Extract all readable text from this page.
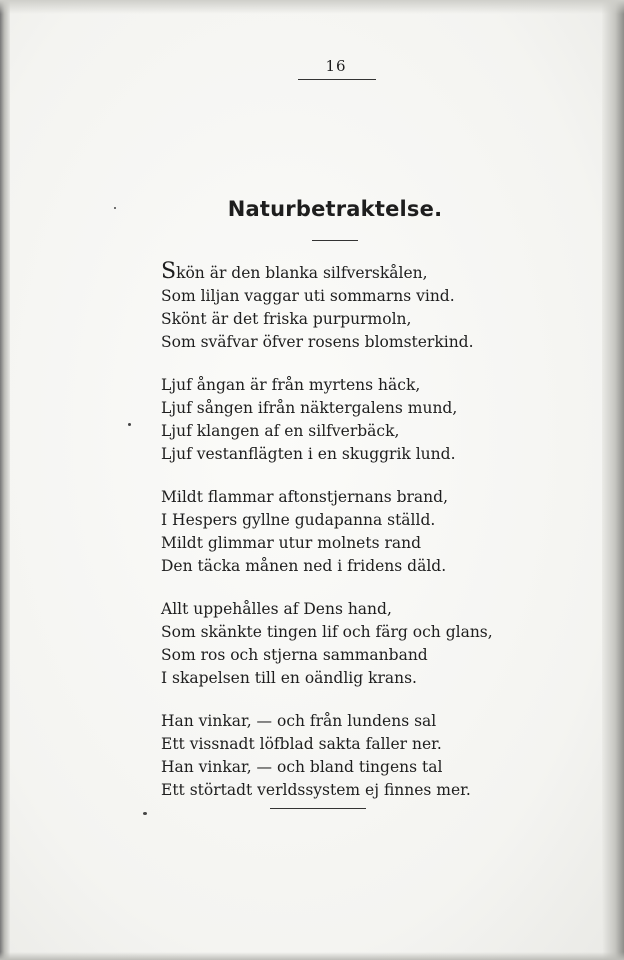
16
Naturbetraktelse.
Skön är den blanka silfverskålen,
Som liljan vaggar uti sommarns vind.
Skönt är det friska purpurmoln,
Som sväfvar öfver rosens blomsterkind.
Ljuf ångan är från myrtens häck,
Ljuf sången ifrån näktergalens mund,
Ljuf klangen af en silfverbäck,
Ljuf vestanflägten i en skuggrik lund.
Mildt flammar aftonstjernans brand,
I Hespers gyllne gudapanna ställd.
Mildt glimmar utur molnets rand
Den täcka månen ned i fridens däld.
Allt uppehålles af Dens hand,
Som skänkte tingen lif och färg och glans,
Som ros och stjerna sammanband
I skapelsen till en oändlig krans.
Han vinkar, — och från lundens sal
Ett vissnadt löfblad sakta faller ner.
Han vinkar, — och bland tingens tal
Ett störtadt verldssystem ej finnes mer.
